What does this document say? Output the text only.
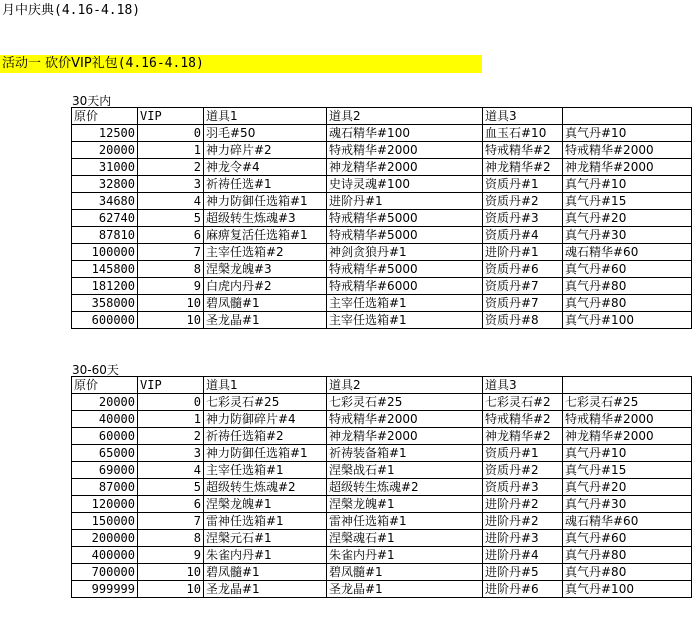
月中庆典(4.16-4.18)
活动一 砍价VIP礼包(4.16-4.18)
30天内
原价	VIP	道具1	道具2	道具3	
12500	0	羽毛#50	魂石精华#100	血玉石#10	真气丹#10
20000	1	神力碎片#2	特戒精华#2000	特戒精华#2	特戒精华#2000
31000	2	神龙令#4	神龙精华#2000	神龙精华#2	神龙精华#2000
32800	3	祈祷任选#1	史诗灵魂#100	资质丹#1	真气丹#10
34680	4	神力防御任选箱#1	进阶丹#1	资质丹#2	真气丹#15
62740	5	超级转生炼魂#3	特戒精华#5000	资质丹#3	真气丹#20
87810	6	麻痹复活任选箱#1	特戒精华#5000	资质丹#4	真气丹#30
100000	7	主宰任选箱#2	神剑贪狼丹#1	进阶丹#1	魂石精华#60
145800	8	涅槃龙魄#3	特戒精华#5000	资质丹#6	真气丹#60
181200	9	白虎内丹#2	特戒精华#6000	资质丹#7	真气丹#80
358000	10	碧凤髓#1	主宰任选箱#1	资质丹#7	真气丹#80
600000	10	圣龙晶#1	主宰任选箱#1	资质丹#8	真气丹#100
30-60天
原价	VIP	道具1	道具2	道具3	
20000	0	七彩灵石#25	七彩灵石#25	七彩灵石#2	七彩灵石#25
40000	1	神力防御碎片#4	特戒精华#2000	特戒精华#2	特戒精华#2000
60000	2	祈祷任选箱#2	神龙精华#2000	神龙精华#2	神龙精华#2000
65000	3	神力防御任选箱#1	祈祷装备箱#1	资质丹#1	真气丹#10
69000	4	主宰任选箱#1	涅槃战石#1	资质丹#2	真气丹#15
87000	5	超级转生炼魂#2	超级转生炼魂#2	资质丹#3	真气丹#20
120000	6	涅槃龙魄#1	涅槃龙魄#1	进阶丹#2	真气丹#30
150000	7	雷神任选箱#1	雷神任选箱#1	进阶丹#2	魂石精华#60
200000	8	涅槃元石#1	涅槃魂石#1	进阶丹#3	真气丹#60
400000	9	朱雀内丹#1	朱雀内丹#1	进阶丹#4	真气丹#80
700000	10	碧凤髓#1	碧凤髓#1	进阶丹#5	真气丹#80
999999	10	圣龙晶#1	圣龙晶#1	进阶丹#6	真气丹#100
